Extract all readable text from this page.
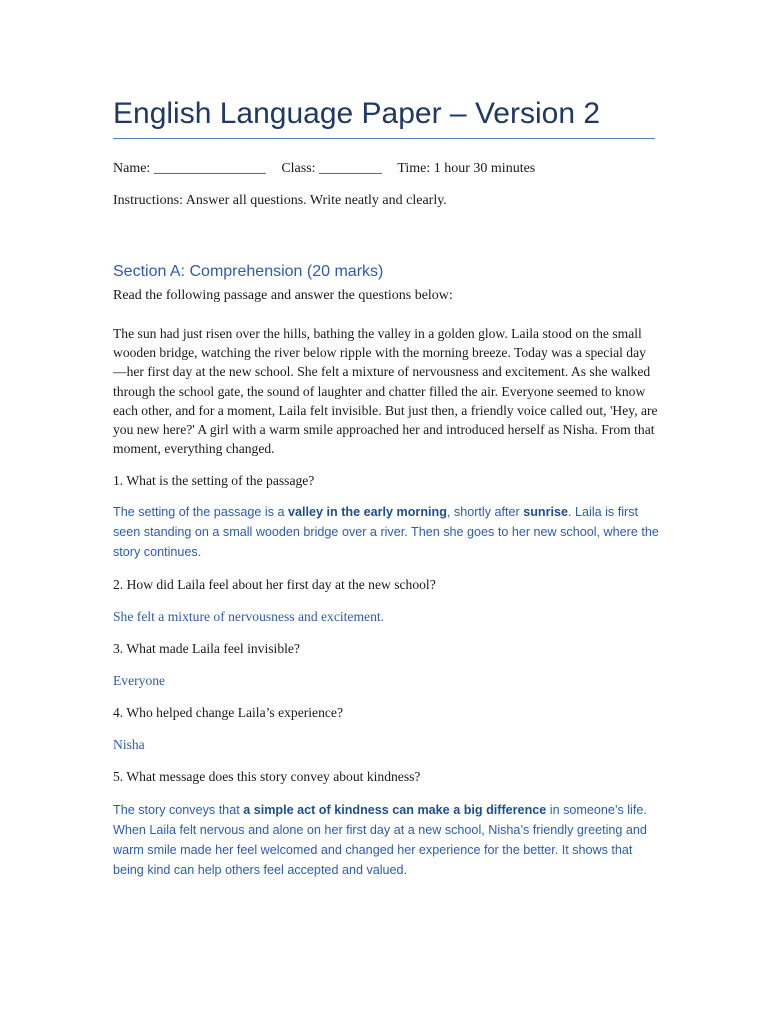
English Language Paper – Version 2
Name: ________________ Class: _________ Time: 1 hour 30 minutes
Instructions: Answer all questions. Write neatly and clearly.
Section A: Comprehension (20 marks)
Read the following passage and answer the questions below:

The sun had just risen over the hills, bathing the valley in a golden glow. Laila stood on the small wooden bridge, watching the river below ripple with the morning breeze. Today was a special day—her first day at the new school. She felt a mixture of nervousness and excitement. As she walked through the school gate, the sound of laughter and chatter filled the air. Everyone seemed to know each other, and for a moment, Laila felt invisible. But just then, a friendly voice called out, 'Hey, are you new here?' A girl with a warm smile approached her and introduced herself as Nisha. From that moment, everything changed.

1. What is the setting of the passage?

The setting of the passage is a valley in the early morning, shortly after sunrise. Laila is first seen standing on a small wooden bridge over a river. Then she goes to her new school, where the story continues.

2. How did Laila feel about her first day at the new school?
She felt a mixture of nervousness and excitement.
3. What made Laila feel invisible?
Everyone
4. Who helped change Laila’s experience?
Nisha
5. What message does this story convey about kindness?

The story conveys that a simple act of kindness can make a big difference in someone’s life. When Laila felt nervous and alone on her first day at a new school, Nisha’s friendly greeting and warm smile made her feel welcomed and changed her experience for the better. It shows that being kind can help others feel accepted and valued.
